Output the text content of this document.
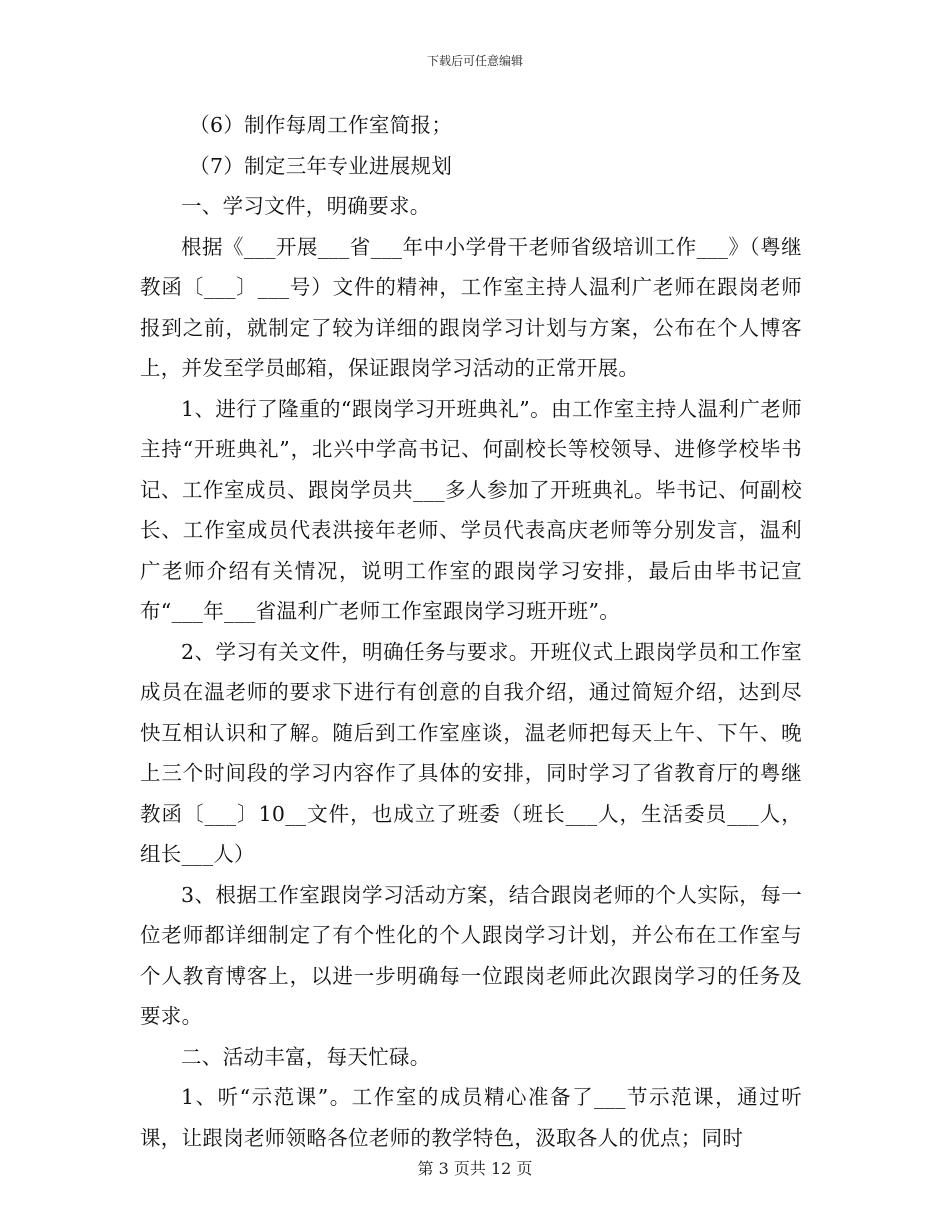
下载后可任意编辑

（6）制作每周工作室简报；

（7）制定三年专业进展规划

一、学习文件，明确要求。

根据《___开展___省___年中小学骨干老师省级培训工作___》（粤继教函〔___〕___号）文件的精神，工作室主持人温利广老师在跟岗老师报到之前，就制定了较为详细的跟岗学习计划与方案，公布在个人博客上，并发至学员邮箱，保证跟岗学习活动的正常开展。

1、进行了隆重的“跟岗学习开班典礼”。由工作室主持人温利广老师主持“开班典礼”，北兴中学高书记、何副校长等校领导、进修学校毕书记、工作室成员、跟岗学员共___多人参加了开班典礼。毕书记、何副校长、工作室成员代表洪接年老师、学员代表高庆老师等分别发言，温利广老师介绍有关情况，说明工作室的跟岗学习安排，最后由毕书记宣布“___年___省温利广老师工作室跟岗学习班开班”。

2、学习有关文件，明确任务与要求。开班仪式上跟岗学员和工作室成员在温老师的要求下进行有创意的自我介绍，通过简短介绍，达到尽快互相认识和了解。随后到工作室座谈，温老师把每天上午、下午、晚上三个时间段的学习内容作了具体的安排，同时学习了省教育厅的粤继教函〔___〕10__文件，也成立了班委（班长___人，生活委员___人，组长___人）

3、根据工作室跟岗学习活动方案，结合跟岗老师的个人实际，每一位老师都详细制定了有个性化的个人跟岗学习计划，并公布在工作室与个人教育博客上，以进一步明确每一位跟岗老师此次跟岗学习的任务及要求。

二、活动丰富，每天忙碌。

1、听“示范课”。工作室的成员精心准备了___节示范课，通过听课，让跟岗老师领略各位老师的教学特色，汲取各人的优点；同时

第 3 页共 12 页
